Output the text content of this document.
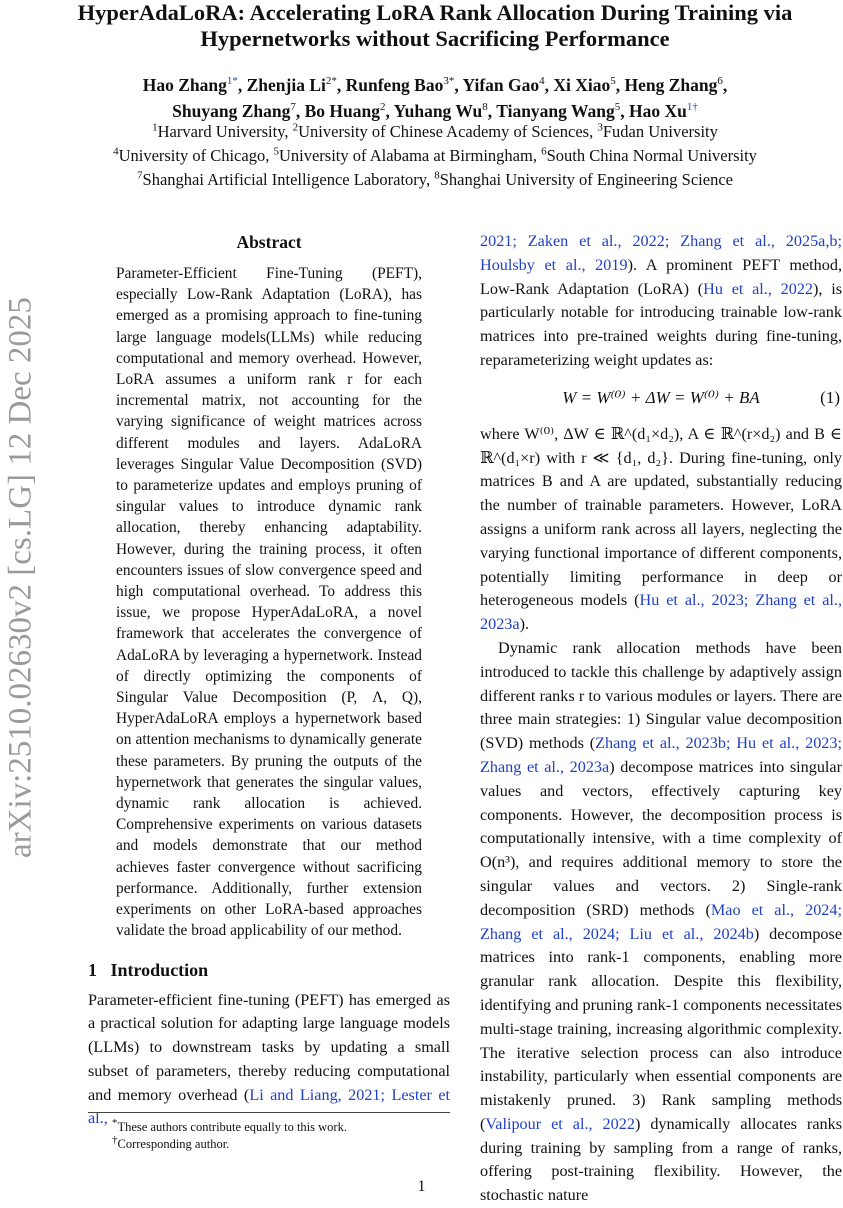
HyperAdaLoRA: Accelerating LoRA Rank Allocation During Training via
Hypernetworks without Sacrificing Performance
Hao Zhang$^{1*}$, Zhenjia $Li^{2*}$, Runfeng Bao$^{3*}$, Yifan Gao$^4$, Xi Xiao$^5$, Heng Zhang$^6$,
Shuyang Zhang$^7$, Bo Huang$^2$, Yuhang Wu$^8$, Tianyang Wang$^5$, Hao $Xu^{1\dagger}$
$^1$Harvard University, $^2$University of Chinese Academy of Sciences, $^3$Fudan University
$^4$University of Chicago, $^5$University of Alabama at Birmingham, $^6$South China Normal University
$^7$Shanghai Artificial Intelligence Laboratory, $^8$Shanghai University of Engineering Science
arXiv:2510.02630v2 [cs.LG] 12 Dec 2025
Abstract

Parameter-Efficient Fine-Tuning (PEFT), especially Low-Rank Adaptation (LoRA), has emerged as a promising approach to fine-tuning large language models(LLMs) while reducing computational and memory overhead. However, LoRA assumes a uniform rank r for each incremental matrix, not accounting for the varying significance of weight matrices across different modules and layers. AdaLoRA leverages Singular Value Decomposition (SVD) to parameterize updates and employs pruning of singular values to introduce dynamic rank allocation, thereby enhancing adaptability. However, during the training process, it often encounters issues of slow convergence speed and high computational overhead. To address this issue, we propose HyperAdaLoRA, a novel framework that accelerates the convergence of AdaLoRA by leveraging a hypernetwork. Instead of directly optimizing the components of Singular Value Decomposition (P, Λ, Q), HyperAdaLoRA employs a hypernetwork based on attention mechanisms to dynamically generate these parameters. By pruning the outputs of the hypernetwork that generates the singular values, dynamic rank allocation is achieved. Comprehensive experiments on various datasets and models demonstrate that our method achieves faster convergence without sacrificing performance. Additionally, further extension experiments on other LoRA-based approaches validate the broad applicability of our method.

1 Introduction

Parameter-efficient fine-tuning (PEFT) has emerged as a practical solution for adapting large language models (LLMs) to downstream tasks by updating a small subset of parameters, thereby reducing computational and memory overhead (Li and Liang, 2021; Lester et al., *These authors contribute equally to this work.
†Corresponding author.

2021; Zaken et al., 2022; Zhang et al., 2025a,b; Houlsby et al., 2019). A prominent PEFT method, Low-Rank Adaptation (LoRA) (Hu et al., 2022), is particularly notable for introducing trainable low-rank matrices into pre-trained weights during fine-tuning, reparameterizing weight updates as:

W = W⁽⁰⁾ + ΔW = W⁽⁰⁾ + BA	(1)

where W⁽⁰⁾, ΔW ∈ ℝ^(d₁×d₂), A ∈ ℝ^(r×d₂) and B ∈ ℝ^(d₁×r) with r ≪ {d₁, d₂}. During fine-tuning, only matrices B and A are updated, substantially reducing the number of trainable parameters. However, LoRA assigns a uniform rank across all layers, neglecting the varying functional importance of different components, potentially limiting performance in deep or heterogeneous models (Hu et al., 2023; Zhang et al., 2023a).

Dynamic rank allocation methods have been introduced to tackle this challenge by adaptively assign different ranks r to various modules or layers. There are three main strategies: 1) Singular value decomposition (SVD) methods (Zhang et al., 2023b; Hu et al., 2023; Zhang et al., 2023a) decompose matrices into singular values and vectors, effectively capturing key components. However, the decomposition process is computationally intensive, with a time complexity of O(n³), and requires additional memory to store the singular values and vectors. 2) Single-rank decomposition (SRD) methods (Mao et al., 2024; Zhang et al., 2024; Liu et al., 2024b) decompose matrices into rank-1 components, enabling more granular rank allocation. Despite this flexibility, identifying and pruning rank-1 components necessitates multi-stage training, increasing algorithmic complexity. The iterative selection process can also introduce instability, particularly when essential components are mistakenly pruned. 3) Rank sampling methods (Valipour et al., 2022) dynamically allocates ranks during training by sampling from a range of ranks, offering post-training flexibility. However, the stochastic nature

1
